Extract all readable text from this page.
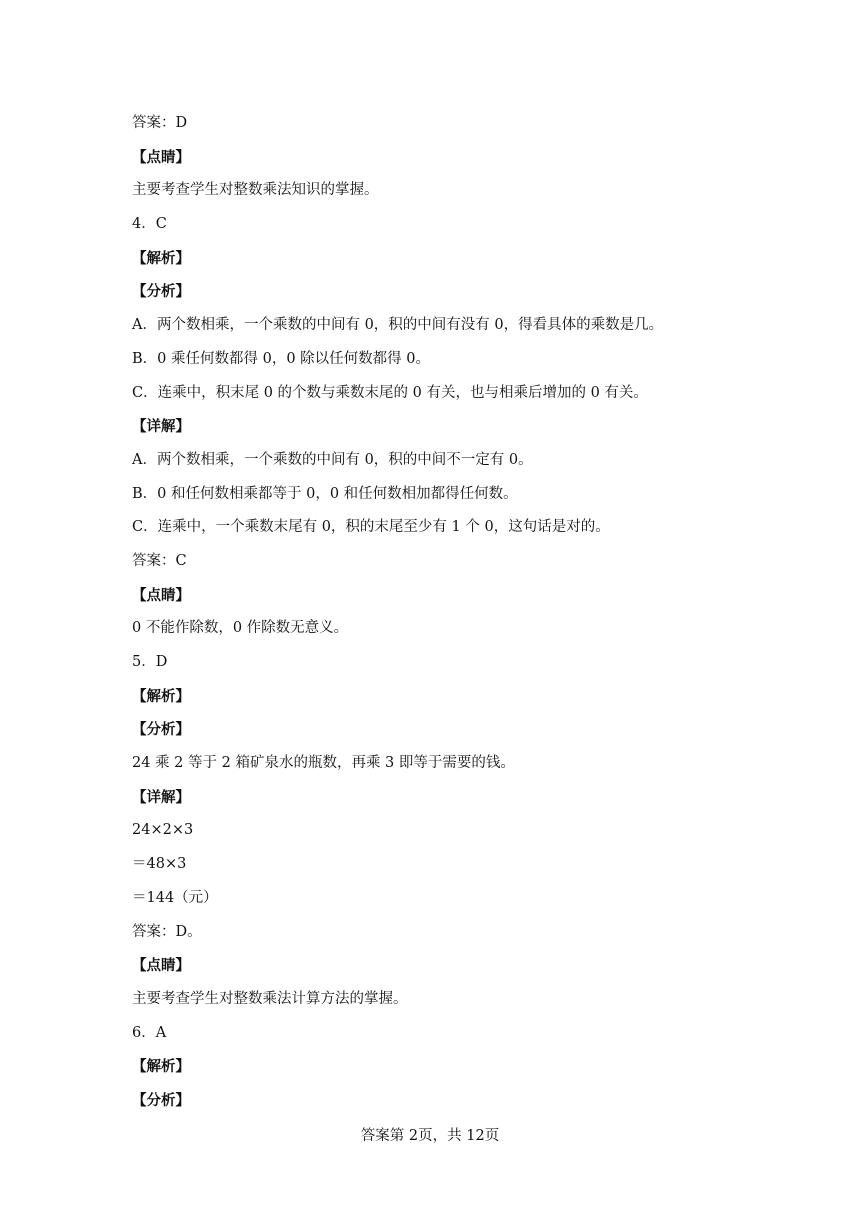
答案：D
【点睛】
主要考查学生对整数乘法知识的掌握。
4．C
【解析】
【分析】
A．两个数相乘，一个乘数的中间有 0，积的中间有没有 0，得看具体的乘数是几。
B．0 乘任何数都得 0，0 除以任何数都得 0。
C．连乘中，积末尾 0 的个数与乘数末尾的 0 有关，也与相乘后增加的 0 有关。
【详解】
A．两个数相乘，一个乘数的中间有 0，积的中间不一定有 0。
B．0 和任何数相乘都等于 0，0 和任何数相加都得任何数。
C．连乘中，一个乘数末尾有 0，积的末尾至少有 1 个 0，这句话是对的。
答案：C
【点睛】
0 不能作除数，0 作除数无意义。
5．D
【解析】
【分析】
24 乘 2 等于 2 箱矿泉水的瓶数，再乘 3 即等于需要的钱。
【详解】
24×2×3
＝48×3
＝144（元）
答案：D。
【点睛】
主要考查学生对整数乘法计算方法的掌握。
6．A
【解析】
【分析】
答案第 2页，共 12页
